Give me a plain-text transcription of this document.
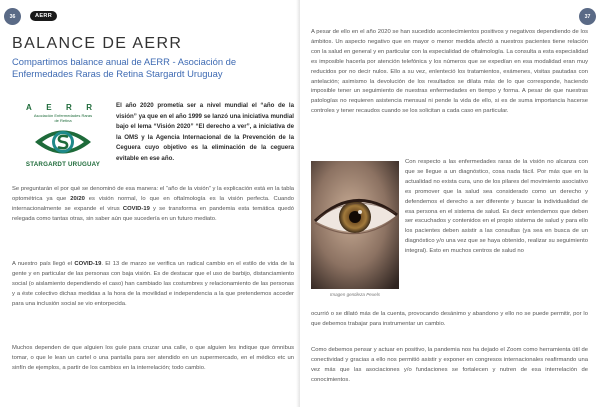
36	AERR
BALANCE DE AERR

Compartimos balance anual de AERR - Asociación de Enfermedades Raras de Retina Stargardt Uruguay

A E R R
Asociación Enfermedades Raras
de Retina
STARGARDT URUGUAY

El año 2020 prometía ser a nivel mundial el “año de la visión” ya que en el año 1999 se lanzó una iniciativa mundial bajo el lema “Visión 2020” “El derecho a ver”, a iniciativa de la OMS y la Agencia Internacional de la Prevención de la Ceguera cuyo objetivo es la eliminación de la ceguera evitable en ese año.

Se preguntarán el por qué se denominó de esa manera: el “año de la visión” y la explicación está en la tabla optométrica ya que 20/20 es visión normal, lo que en oftalmología es la visión perfecta. Cuando internacionalmente se expande el virus COVID-19 y se transforma en pandemia esta temática quedó relegada como tantas otras, sin saber aún que sucedería en un futuro mediato.

A nuestro país llegó el COVID-19. El 13 de marzo se verifica un radical cambio en el estilo de vida de la gente y en particular de las personas con baja visión. Es de destacar que el uso de barbijo, distanciamiento social (o aislamiento dependiendo el caso) han cambiado las costumbres y relacionamiento de las personas y a éste colectivo dichas medidas a la hora de la movilidad e independencia a la que pretendemos acceder para una inclusión social se vio entorpecida.

Muchos dependen de que alguien los guíe para cruzar una calle, o que alguien les indique que ómnibus tomar, o que le lean un cartel o una pantalla para ser atendido en un supermercado, en el médico etc un sinfín de ejemplos, a partir de los cambios en la interrelación; todo cambio.

37

A pesar de ello en el año 2020 se han sucedido acontecimientos positivos y negativos dependiendo de los ámbitos. Un aspecto negativo que en mayor o menor medida afectó a nuestros pacientes tiene relación con la salud en general y en particular con la especialidad de oftalmología. La consulta a esta especialidad es imposible hacerla por atención telefónica y los números que se expedían en esa modalidad eran muy reducidos por no decir nulos. Ello a su vez, enlenteció los tratamientos, exámenes, visitas pautadas con antelación; asimismo la devolución de los resultados se dilata más de lo que corresponde, haciendo imposible tener un seguimiento de nuestras enfermedades en tiempo y forma. A pesar de que nuestras patologías no requieren asistencia mensual ni pende la vida de ello, si es de suma importancia hacerse controles y tener recaudos cuando se los solicitan a cada caso en particular.

Imagen gentileza Pexels

Con respecto a las enfermedades raras de la visión no alcanza con que se llegue a un diagnóstico, cosa nada fácil. Por más que en la actualidad no exista cura, uno de los pilares del movimiento asociativo es promover que la salud sea considerado como un derecho y defendemos el derecho a ser diferente y buscar la individualidad de esa persona en el sistema de salud. Es decir entendemos que deben ser escuchados y contenidos en el propio sistema de salud y para ello los pacientes deben asistir a las consultas (ya sea en busca de un diagnóstico y/o una vez que se haya obtenido, realizar su seguimiento integral). Esto en muchos centros de salud no

ocurrió o se dilató más de la cuenta, provocando desánimo y abandono y ello no se puede permitir, por lo que debemos trabajar para instrumentar un cambio.

Como debemos pensar y actuar en positivo, la pandemia nos ha dejado el Zoom como herramienta útil de conectividad y gracias a ello nos permitió asistir y exponer en congresos internacionales reafirmando una vez más que las asociaciones y/o fundaciones se fortalecen y nutren de esa interrelación de conocimientos.
